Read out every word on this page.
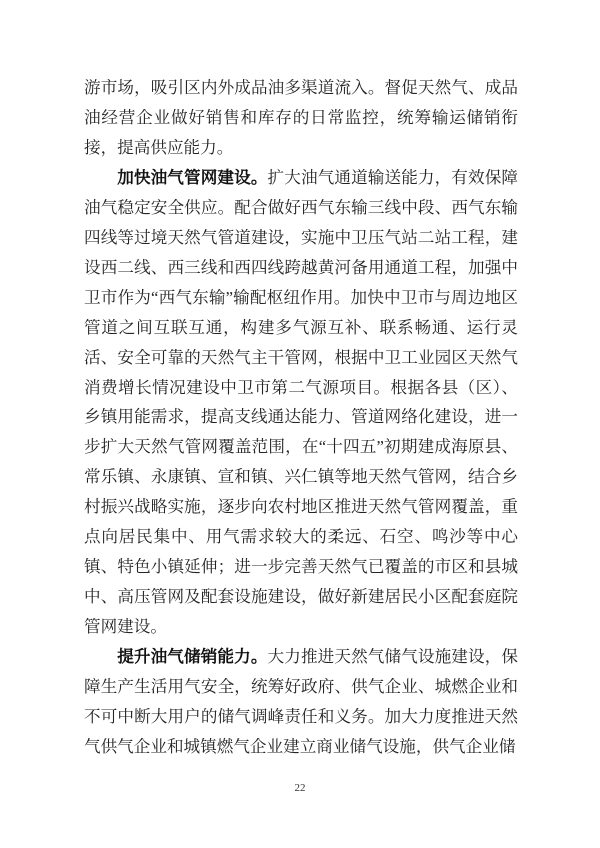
游市场，吸引区内外成品油多渠道流入。督促天然气、成品油经营企业做好销售和库存的日常监控，统筹输运储销衔接，提高供应能力。

加快油气管网建设。扩大油气通道输送能力，有效保障油气稳定安全供应。配合做好西气东输三线中段、西气东输四线等过境天然气管道建设，实施中卫压气站二站工程，建设西二线、西三线和西四线跨越黄河备用通道工程，加强中卫市作为“西气东输”输配枢纽作用。加快中卫市与周边地区管道之间互联互通，构建多气源互补、联系畅通、运行灵活、安全可靠的天然气主干管网，根据中卫工业园区天然气消费增长情况建设中卫市第二气源项目。根据各县（区）、乡镇用能需求，提高支线通达能力、管道网络化建设，进一步扩大天然气管网覆盖范围，在“十四五”初期建成海原县、常乐镇、永康镇、宣和镇、兴仁镇等地天然气管网，结合乡村振兴战略实施，逐步向农村地区推进天然气管网覆盖，重点向居民集中、用气需求较大的柔远、石空、鸣沙等中心镇、特色小镇延伸；进一步完善天然气已覆盖的市区和县城中、高压管网及配套设施建设，做好新建居民小区配套庭院管网建设。

提升油气储销能力。大力推进天然气储气设施建设，保障生产生活用气安全，统筹好政府、供气企业、城燃企业和不可中断大用户的储气调峰责任和义务。加大力度推进天然气供气企业和城镇燃气企业建立商业储气设施，供气企业储

22
